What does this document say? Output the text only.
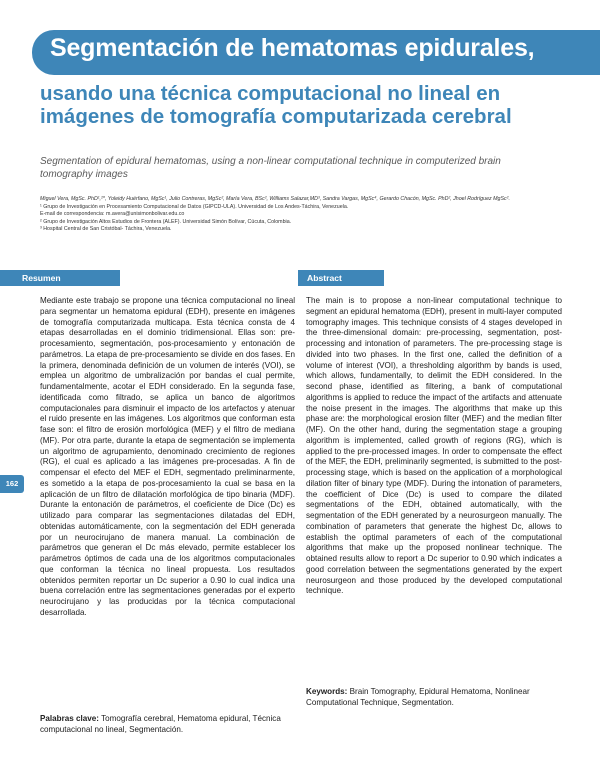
Segmentación de hematomas epidurales,
usando una técnica computacional no lineal en imágenes de tomografía computarizada cerebral
Segmentation of epidural hematomas, using a non-linear computational technique in computerized brain tomography images
Miguel Vera, MgSc. PhD¹,²*, Yoleidy Huérfano, MgSc¹, Julio Contreras, MgSc², María Vera, BSc², Williams Salazar,MD³, Sandra Vargas, MgSc⁴, Gerardo Chacón, MgSc. PhD², Jhoel Rodríguez MgSc².
¹ Grupo de Investigación en Procesamiento Computacional de Datos (GIPCD-ULA). Universidad de Los Andes-Táchira, Venezuela.
E-mail de correspondencia: m.avera@unisimonbolivar.edu.co
² Grupo de Investigación Altos Estudios de Frontera (ALEF). Universidad Simón Bolívar, Cúcuta, Colombia.
³ Hospital Central de San Cristóbal- Táchira, Venezuela.
Resumen	Abstract
Mediante este trabajo se propone una técnica computacional no lineal para segmentar un hematoma epidural (EDH), presente en imágenes de tomografía computarizada multicapa. Esta técnica consta de 4 etapas desarrolladas en el dominio tridimensional. Ellas son: pre-procesamiento, segmentación, pos-procesamiento y entonación de parámetros. La etapa de pre-procesamiento se divide en dos fases. En la primera, denominada definición de un volumen de interés (VOI), se emplea un algoritmo de umbralización por bandas el cual permite, fundamentalmente, acotar el EDH considerado. En la segunda fase, identificada como filtrado, se aplica un banco de algoritmos computacionales para disminuir el impacto de los artefactos y atenuar el ruido presente en las imágenes. Los algoritmos que conforman esta fase son: el filtro de erosión morfológica (MEF) y el filtro de mediana (MF). Por otra parte, durante la etapa de segmentación se implementa un algoritmo de agrupamiento, denominado crecimiento de regiones (RG), el cual es aplicado a las imágenes pre-procesadas. A fin de compensar el efecto del MEF el EDH, segmentado preliminarmente, es sometido a la etapa de pos-procesamiento la cual se basa en la aplicación de un filtro de dilatación morfológica de tipo binaria (MDF). Durante la entonación de parámetros, el coeficiente de Dice (Dc) es utilizado para comparar las segmentaciones dilatadas del EDH, obtenidas automáticamente, con la segmentación del EDH generada por un neurocirujano de manera manual. La combinación de parámetros que generan el Dc más elevado, permite establecer los parámetros óptimos de cada una de los algoritmos computacionales que conforman la técnica no lineal propuesta. Los resultados obtenidos permiten reportar un Dc superior a 0.90 lo cual indica una buena correlación entre las segmentaciones generadas por el experto neurocirujano y las producidas por la técnica computacional desarrollada.
The main is to propose a non-linear computational technique to segment an epidural hematoma (EDH), present in multi-layer computed tomography images. This technique consists of 4 stages developed in the three-dimensional domain: pre-processing, segmentation, post-processing and intonation of parameters. The pre-processing stage is divided into two phases. In the first one, called the definition of a volume of interest (VOI), a thresholding algorithm by bands is used, which allows, fundamentally, to delimit the EDH considered. In the second phase, identified as filtering, a bank of computational algorithms is applied to reduce the impact of the artifacts and attenuate the noise present in the images. The algorithms that make up this phase are: the morphological erosion filter (MEF) and the median filter (MF). On the other hand, during the segmentation stage a grouping algorithm is implemented, called growth of regions (RG), which is applied to the pre-processed images. In order to compensate the effect of the MEF, the EDH, preliminarily segmented, is submitted to the post-processing stage, which is based on the application of a morphological dilation filter of binary type (MDF). During the intonation of parameters, the coefficient of Dice (Dc) is used to compare the dilated segmentations of the EDH, obtained automatically, with the segmentation of the EDH generated by a neurosurgeon manually. The combination of parameters that generate the highest Dc, allows to establish the optimal parameters of each of the computational algorithms that make up the proposed nonlinear technique. The obtained results allow to report a Dc superior to 0.90 which indicates a good correlation between the segmentations generated by the expert neurosurgeon and those produced by the developed computational technique.
Palabras clave: Tomografía cerebral, Hematoma epidural, Técnica computacional no lineal, Segmentación.
Keywords: Brain Tomography, Epidural Hematoma, Nonlinear Computational Technique, Segmentation.
162
